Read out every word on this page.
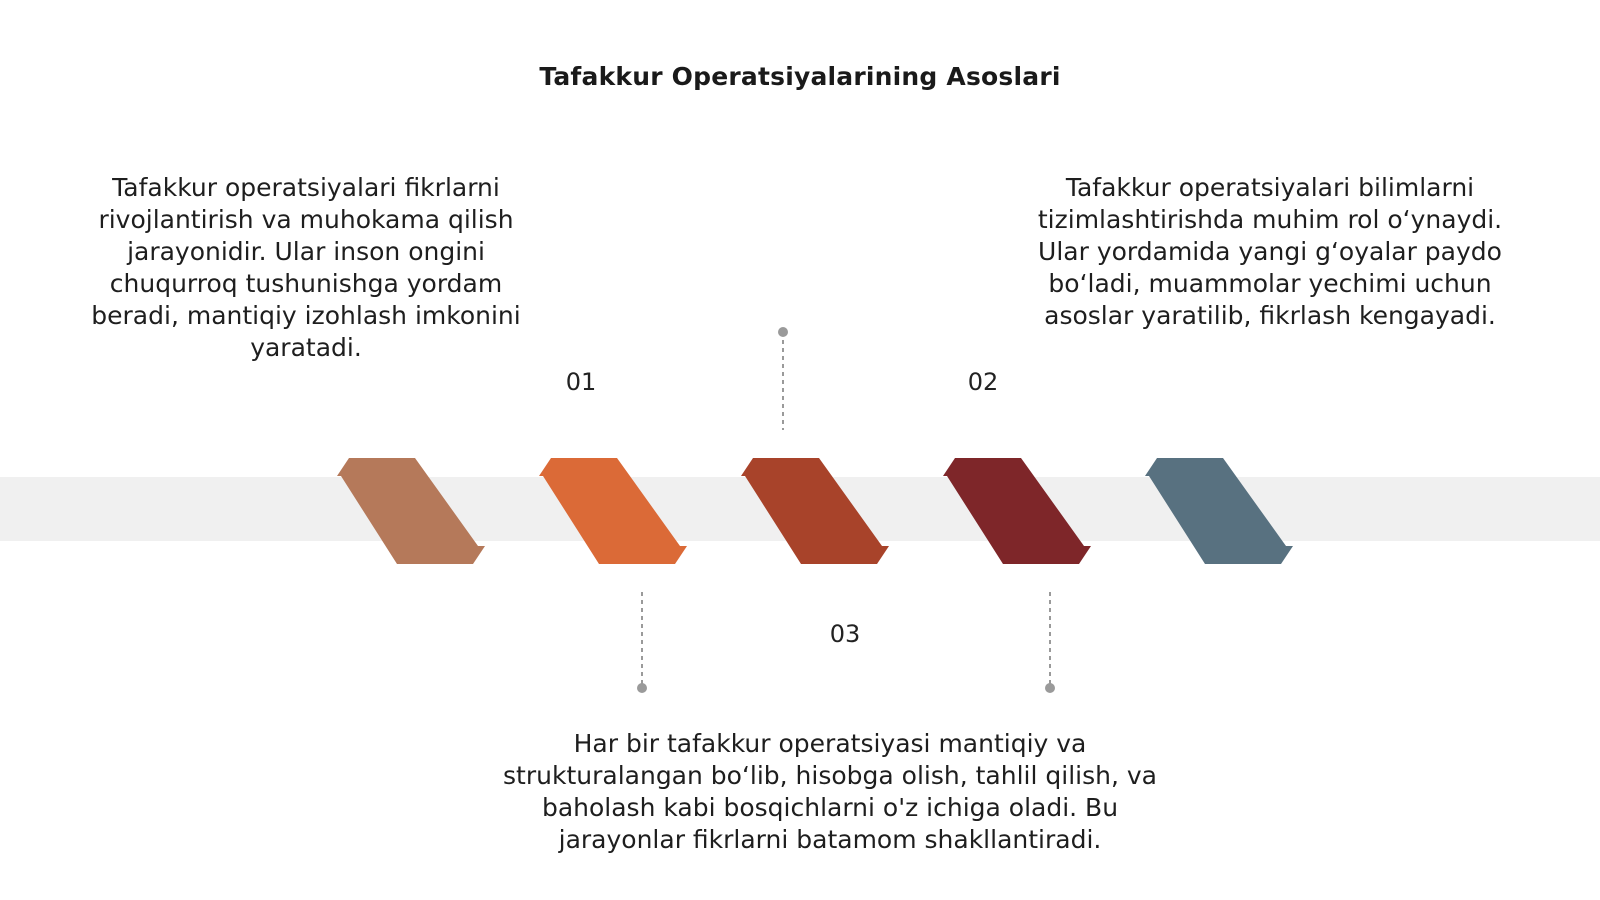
Tafakkur Operatsiyalarining Asoslari
Tafakkur operatsiyalari fikrlarni rivojlantirish va muhokama qilish jarayonidir. Ular inson ongini chuqurroq tushunishga yordam beradi, mantiqiy izohlash imkonini yaratadi.
Tafakkur operatsiyalari bilimlarni tizimlashtirishda muhim rol oʻynaydi. Ular yordamida yangi gʻoyalar paydo boʻladi, muammolar yechimi uchun asoslar yaratilib, fikrlash kengayadi.
Har bir tafakkur operatsiyasi mantiqiy va strukturalangan boʻlib, hisobga olish, tahlil qilish, va baholash kabi bosqichlarni o'z ichiga oladi. Bu jarayonlar fikrlarni batamom shakllantiradi.
01	02
03
